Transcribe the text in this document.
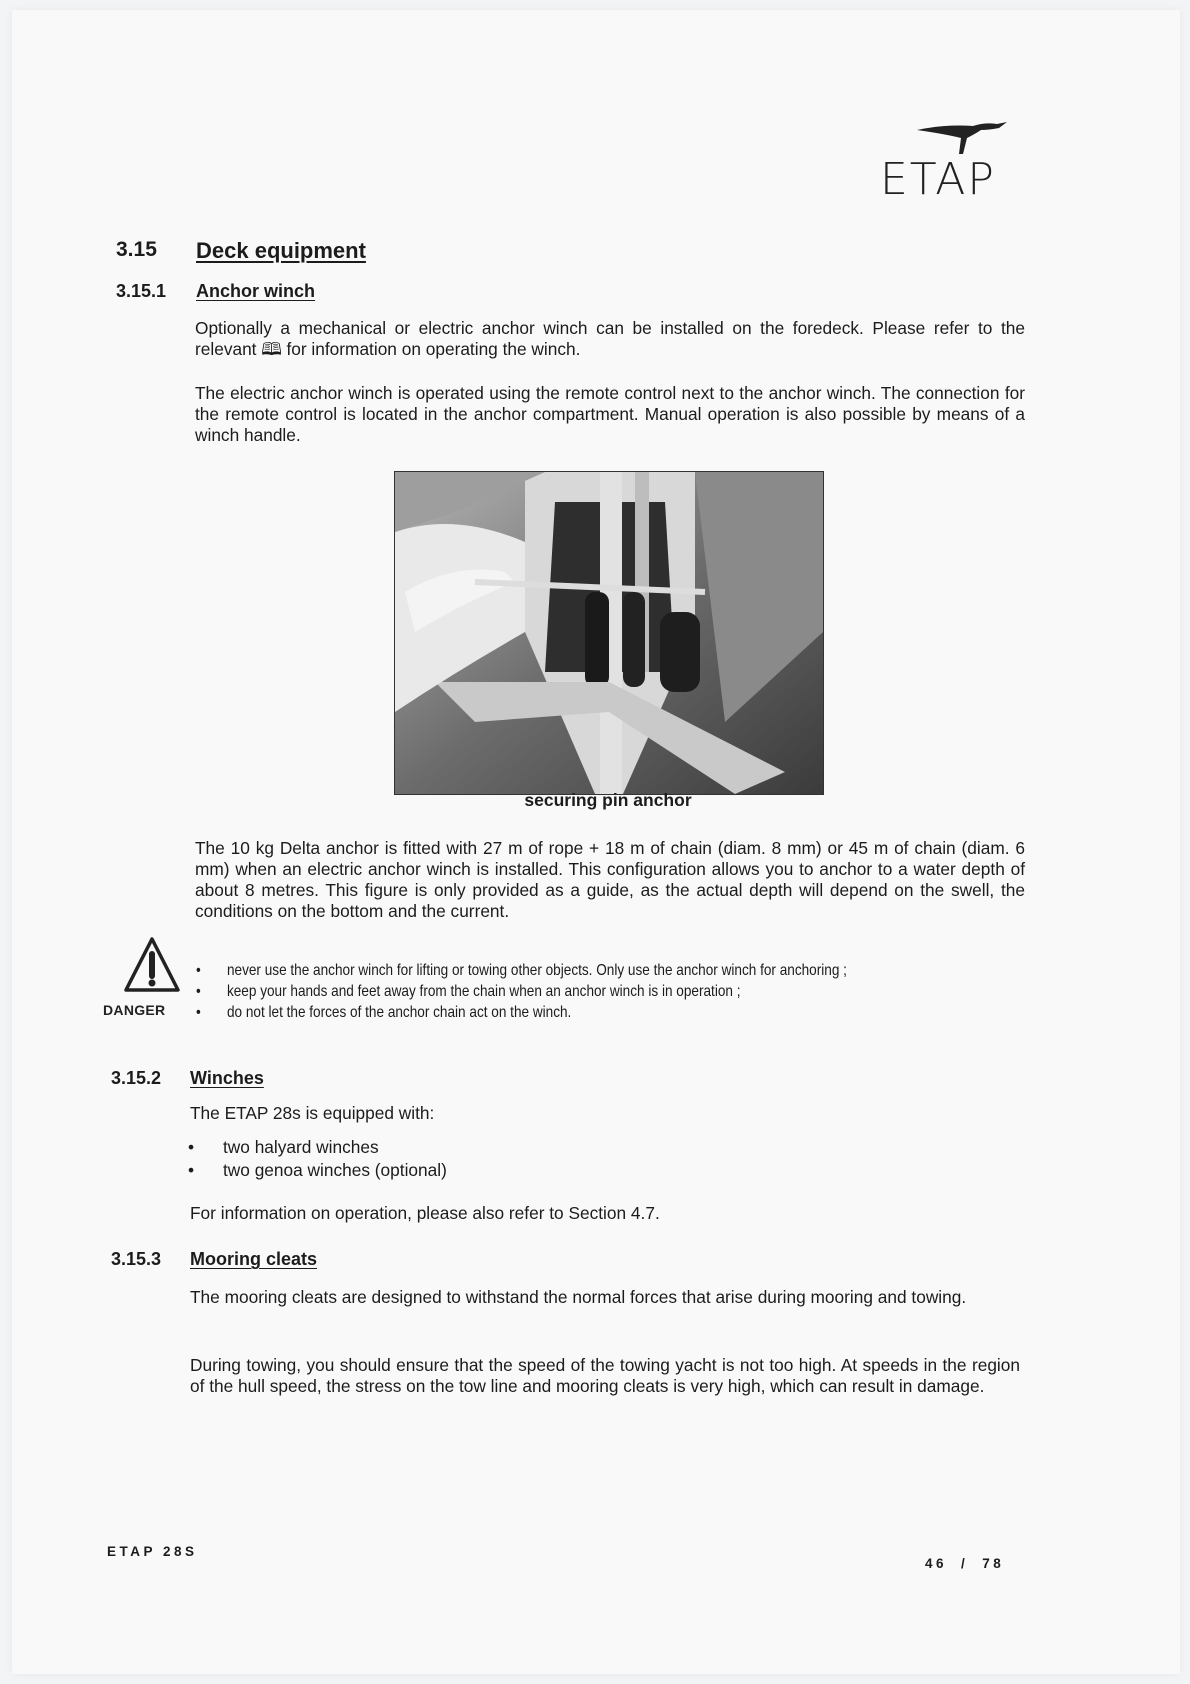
ETAP
3.15 Deck equipment
3.15.1 Anchor winch
Optionally a mechanical or electric anchor winch can be installed on the foredeck. Please refer to the relevant 🕮 for information on operating the winch.
The electric anchor winch is operated using the remote control next to the anchor winch. The connection for the remote control is located in the anchor compartment. Manual operation is also possible by means of a winch handle.
securing pin anchor
The 10 kg Delta anchor is fitted with 27 m of rope + 18 m of chain (diam. 8 mm) or 45 m of chain (diam. 6 mm) when an electric anchor winch is installed. This configuration allows you to anchor to a water depth of about 8 metres. This figure is only provided as a guide, as the actual depth will depend on the swell, the conditions on the bottom and the current.
DANGER
• never use the anchor winch for lifting or towing other objects. Only use the anchor winch for anchoring ;
• keep your hands and feet away from the chain when an anchor winch is in operation ;
• do not let the forces of the anchor chain act on the winch.
3.15.2 Winches
The ETAP 28s is equipped with:
• two halyard winches
• two genoa winches (optional)
For information on operation, please also refer to Section 4.7.
3.15.3 Mooring cleats
The mooring cleats are designed to withstand the normal forces that arise during mooring and towing.
During towing, you should ensure that the speed of the towing yacht is not too high. At speeds in the region of the hull speed, the stress on the tow line and mooring cleats is very high, which can result in damage.
ETAP 28S
46 / 78
